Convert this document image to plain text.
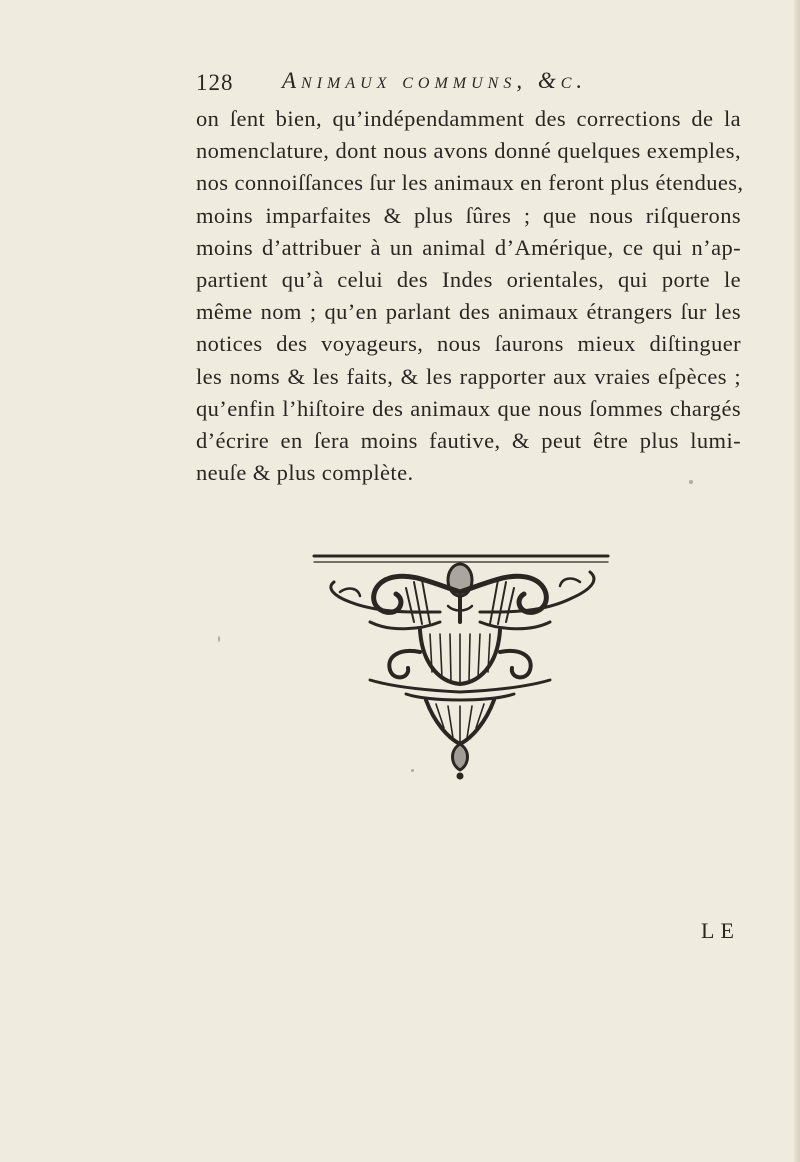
128 Animaux communs, &c.
on ſent bien, qu’indépendamment des corrections de la
nomenclature, dont nous avons donné quelques exemples,
nos connoiſſances ſur les animaux en feront plus étendues,
moins imparfaites & plus ſûres ; que nous riſquerons
moins d’attribuer à un animal d’Amérique, ce qui n’ap-
partient qu’à celui des Indes orientales, qui porte le
même nom ; qu’en parlant des animaux étrangers ſur les
notices des voyageurs, nous ſaurons mieux diſtinguer
les noms & les faits, & les rapporter aux vraies eſpèces ;
qu’enfin l’hiſtoire des animaux que nous ſommes chargés
d’écrire en ſera moins fautive, & peut être plus lumi-
neuſe & plus complète.
LE
